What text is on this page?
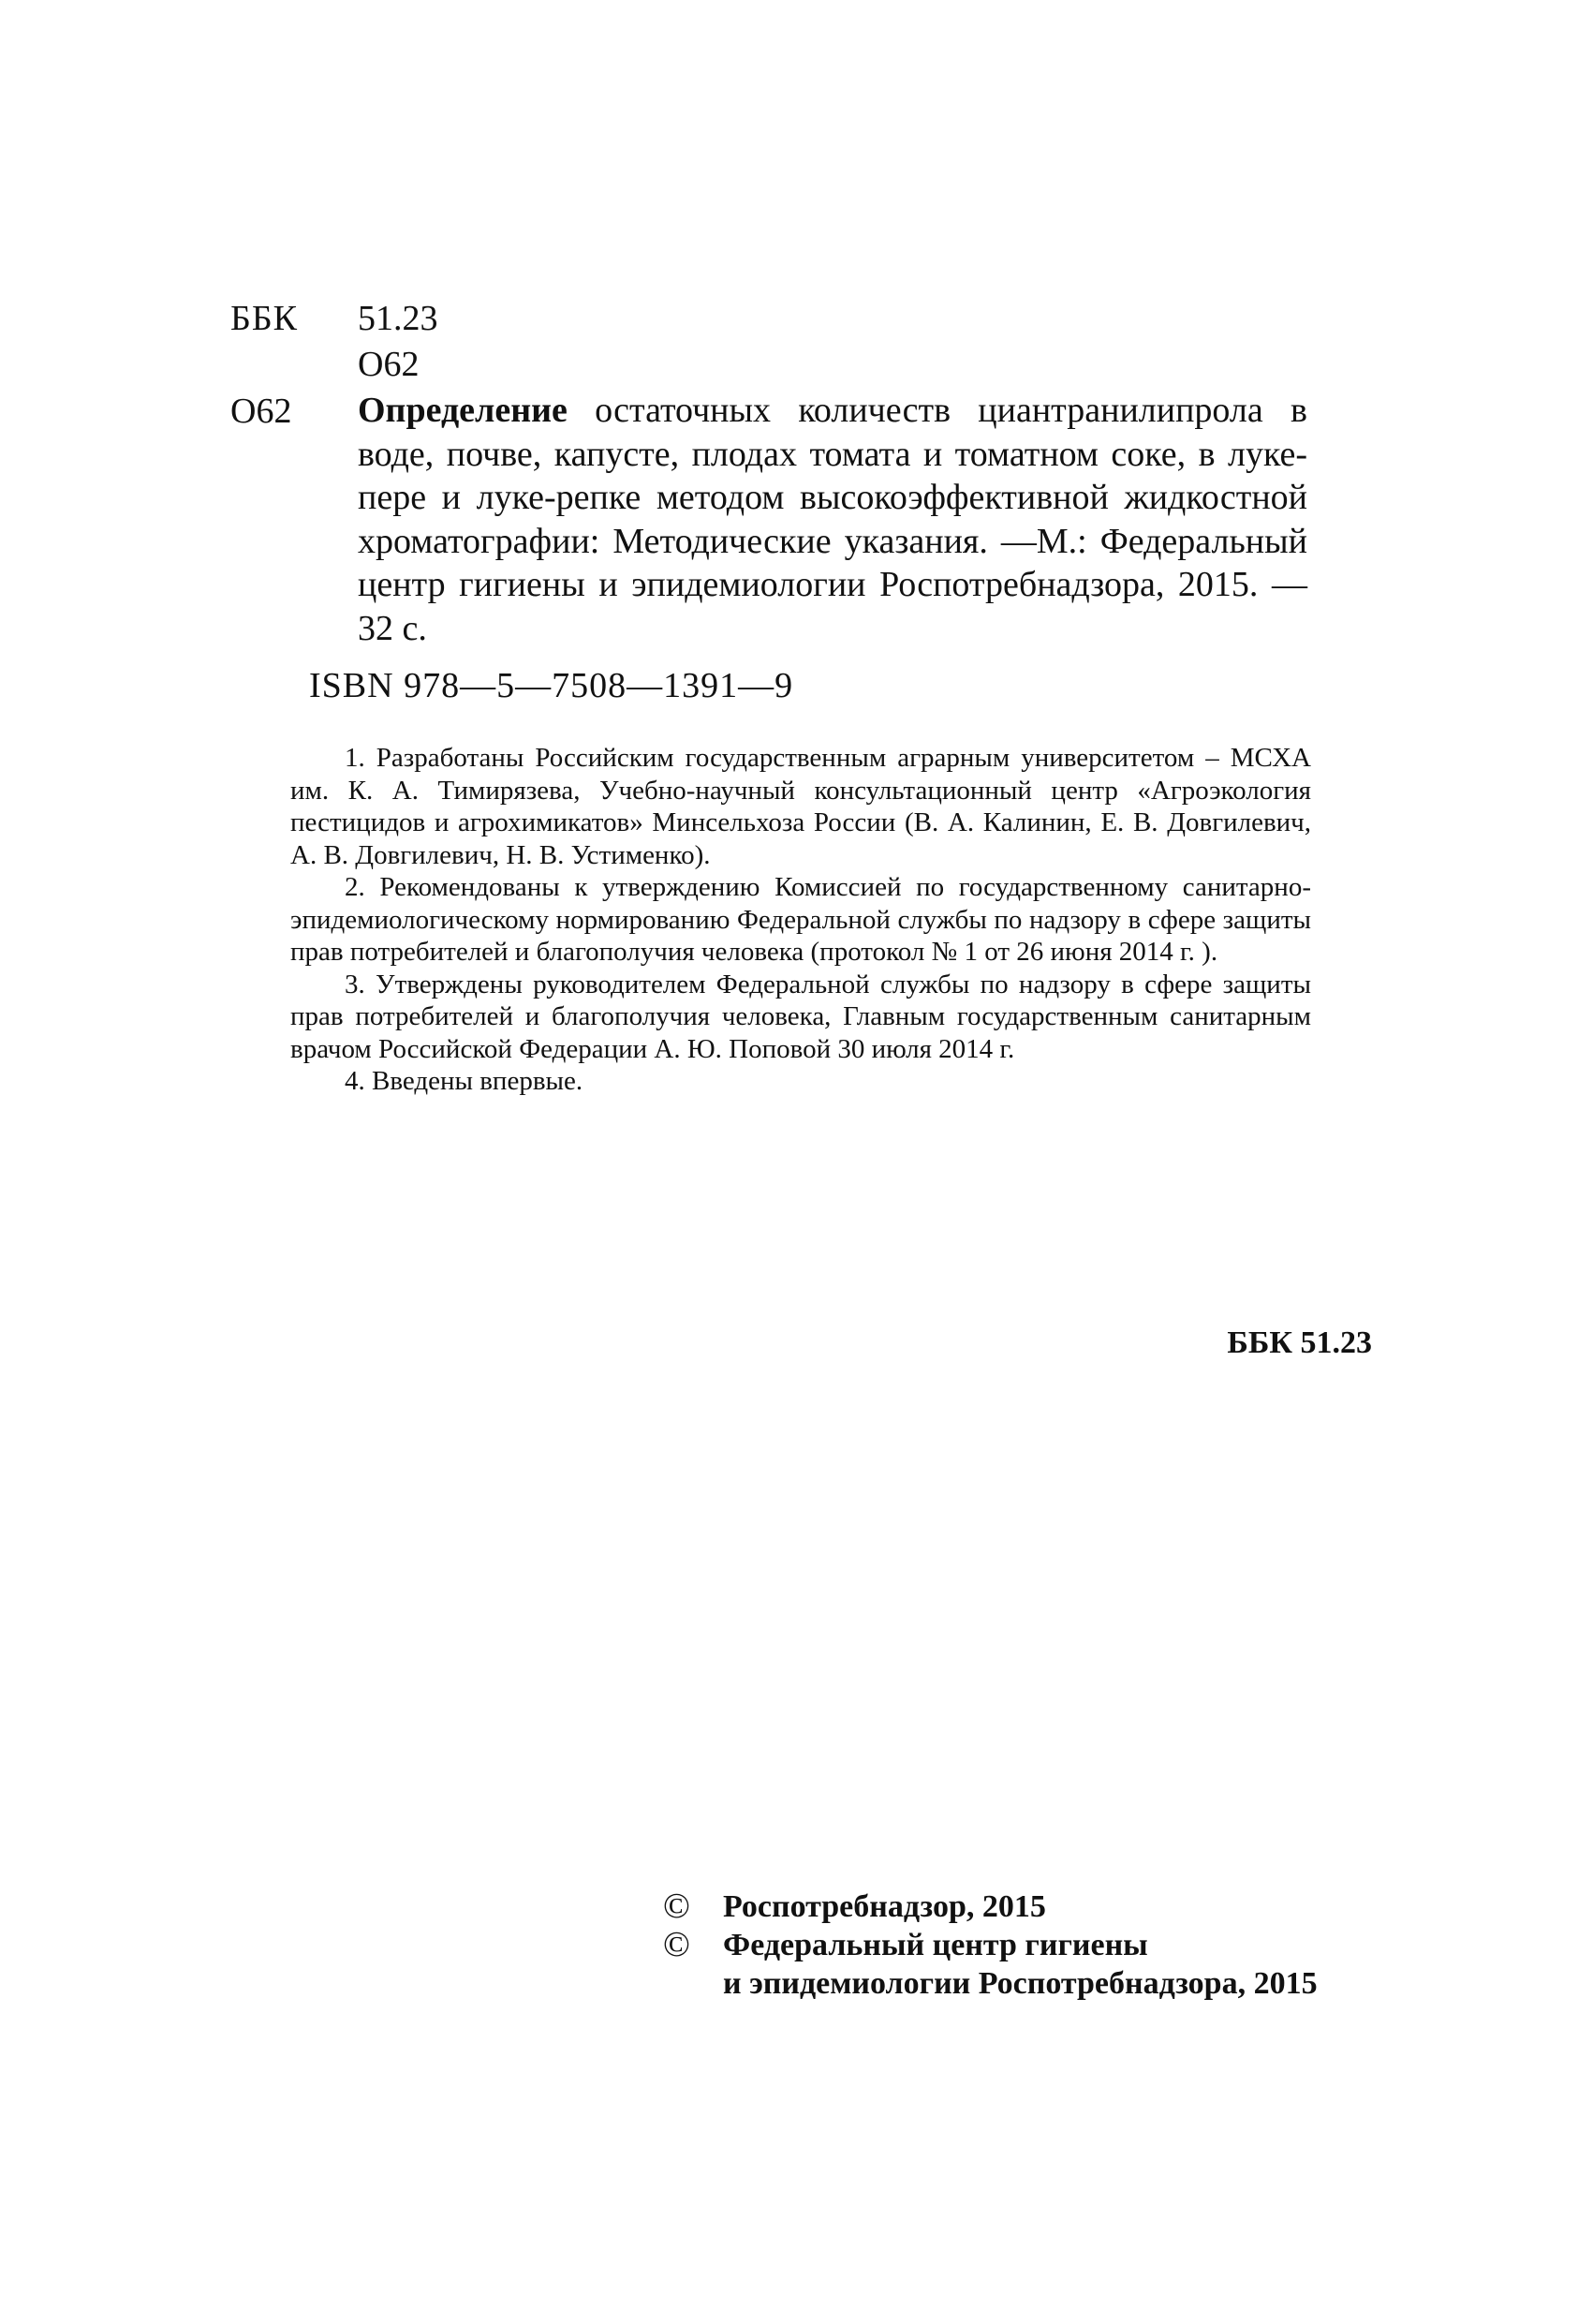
ББК 51.23
О62
О62 Определение остаточных количеств циантранилипрола в воде, почве, капусте, плодах томата и томатном соке, в луке-пере и луке-репке методом высокоэффективной жидкостной хроматографии: Методические указания. —М.: Федеральный центр гигиены и эпидемиологии Роспотребнадзора, 2015. — 32 с.

ISBN 978—5—7508—1391—9

1. Разработаны Российским государственным аграрным университетом – МСХА им. К. А. Тимирязева, Учебно-научный консультационный центр «Агроэкология пестицидов и агрохимикатов» Минсельхоза России (В. А. Калинин, Е. В. Довгилевич, А. В. Довгилевич, Н. В. Устименко).

2. Рекомендованы к утверждению Комиссией по государственному санитарно-эпидемиологическому нормированию Федеральной службы по надзору в сфере защиты прав потребителей и благополучия человека (протокол № 1 от 26 июня 2014 г. ).

3. Утверждены руководителем Федеральной службы по надзору в сфере защиты прав потребителей и благополучия человека, Главным государственным санитарным врачом Российской Федерации А. Ю. Поповой 30 июля 2014 г.

4. Введены впервые.

ББК 51.23
© Роспотребнадзор, 2015
© Федеральный центр гигиены
и эпидемиологии Роспотребнадзора, 2015
